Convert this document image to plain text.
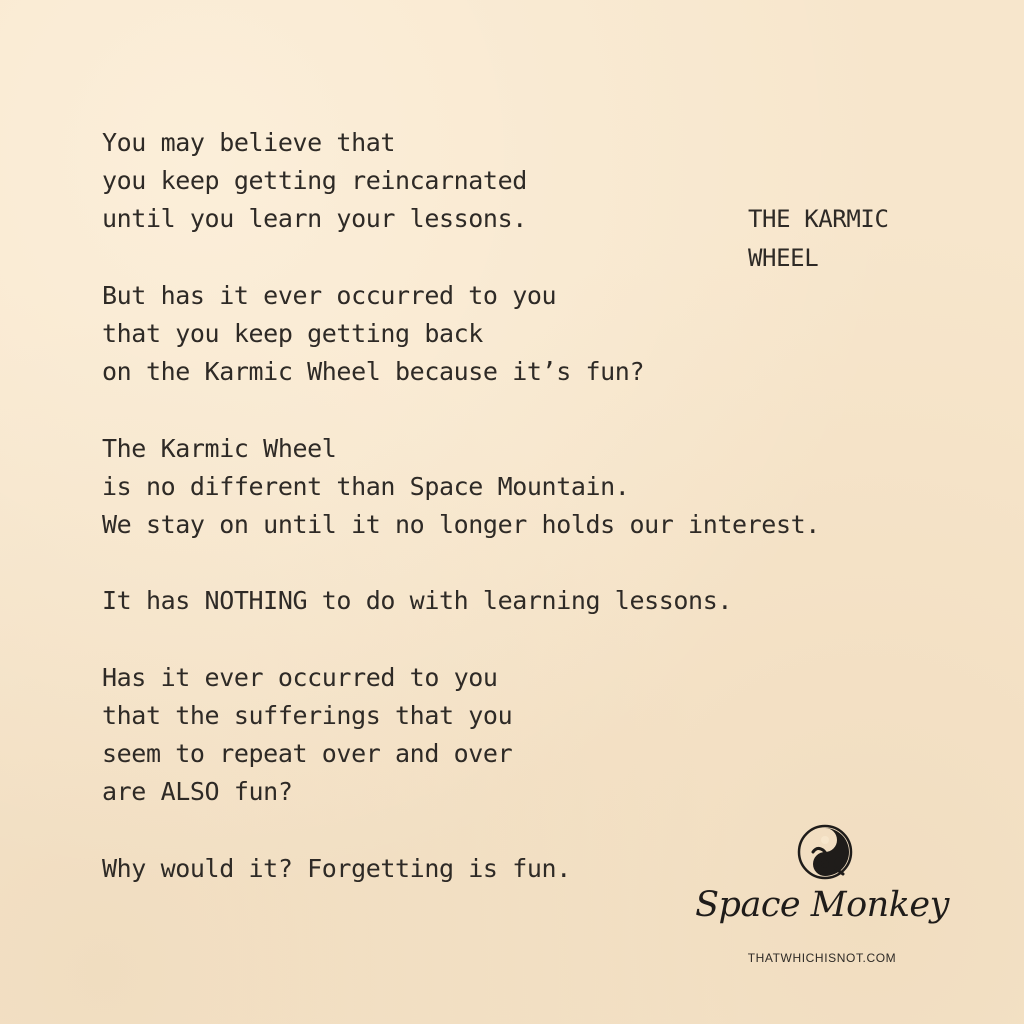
THE KARMIC
WHEEL
You may believe that
you keep getting reincarnated
until you learn your lessons.
But has it ever occurred to you
that you keep getting back
on the Karmic Wheel because it’s fun?
The Karmic Wheel
is no different than Space Mountain.
We stay on until it no longer holds our interest.
It has NOTHING to do with learning lessons.
Has it ever occurred to you
that the sufferings that you
seem to repeat over and over
are ALSO fun?
Why would it? Forgetting is fun.
Space Monkey
THATWHICHISNOT.COM
